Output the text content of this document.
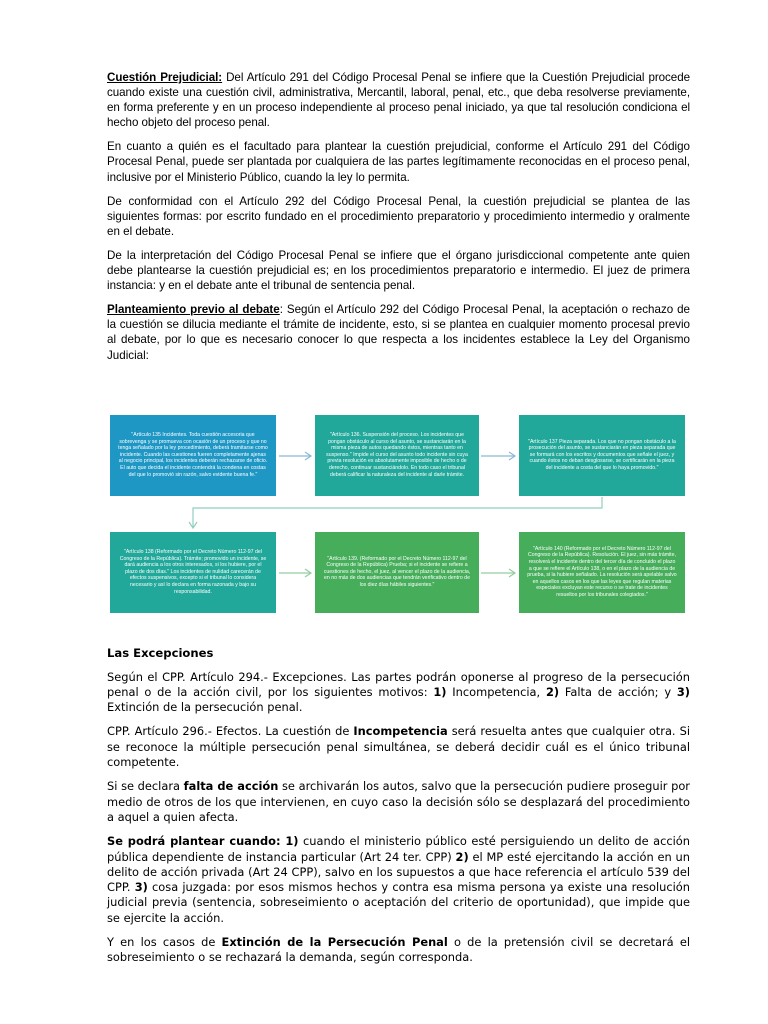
Cuestión Prejudicial: Del Artículo 291 del Código Procesal Penal se infiere que la Cuestión Prejudicial procede cuando existe una cuestión civil, administrativa, Mercantil, laboral, penal, etc., que deba resolverse previamente, en forma preferente y en un proceso independiente al proceso penal iniciado, ya que tal resolución condiciona el hecho objeto del proceso penal.

En cuanto a quién es el facultado para plantear la cuestión prejudicial, conforme el Artículo 291 del Código Procesal Penal, puede ser plantada por cualquiera de las partes legítimamente reconocidas en el proceso penal, inclusive por el Ministerio Público, cuando la ley lo permita.

De conformidad con el Artículo 292 del Código Procesal Penal, la cuestión prejudicial se plantea de las siguientes formas: por escrito fundado en el procedimiento preparatorio y procedimiento intermedio y oralmente en el debate.

De la interpretación del Código Procesal Penal se infiere que el órgano jurisdiccional competente ante quien debe plantearse la cuestión prejudicial es; en los procedimientos preparatorio e intermedio. El juez de primera instancia: y en el debate ante el tribunal de sentencia penal.

Planteamiento previo al debate: Según el Artículo 292 del Código Procesal Penal, la aceptación o rechazo de la cuestión se dilucia mediante el trámite de incidente, esto, si se plantea en cualquier momento procesal previo al debate, por lo que es necesario conocer lo que respecta a los incidentes establece la Ley del Organismo Judicial:

"Artículo 135 Incidentes. Toda cuestión accesoria que sobrevenga y se promueva con ocasión de un proceso y que no tenga señalado por la ley procedimiento, deberá tramitarse como incidente. Cuando las cuestiones fueren completamente ajenas al negocio principal, los incidentes deberán rechazarse de oficio. El auto que decida el incidente contendrá la condena en costas del que lo promovió sin razón, salvo evidente buena fe."
"Artículo 136. Suspensión del proceso. Los incidentes que pongan obstáculo al curso del asunto, se sustanciarán en la misma pieza de autos quedando éstos, mientras tanto en suspenso." Impide el curso del asunto todo incidente sin cuya previa resolución es absolutamente imposible de hecho o de derecho, continuar sustanciándolo. En todo caso el tribunal deberá calificar la naturaleza del incidente al darle trámite.
"Artículo 137 Pieza separada. Los que no pongan obstáculo a la prosecución del asunto, se sustanciarán en pieza separada que se formará con los escritos y documentos que señale el juez, y cuando éstos no deban desglosarse, se certificarán en la pieza del incidente a costa del que lo haya promovido."
"Artículo 138 (Reformado por el Decreto Número 112-97 del Congreso de la República). Trámite; promovido un incidente, se dará audiencia a los otros interesados, si los hubiere, por el plazo de dos días." Los incidentes de nulidad carecerán de efectos suspensivos, excepto si el tribunal lo considera necesario y así lo declara en forma razonada y bajo su responsabilidad.
"Artículo 139. (Reformado por el Decreto Número 112-97 del Congreso de la República) Prueba; si el incidente se refiere a cuestiones de hecho, el juez, al vencer el plazo de la audiencia, en no más de dos audiencias que tendrán verificativo dentro de los diez días hábiles siguientes."
"Artículo 140 (Reformado por el Decreto Número 112-97 del Congreso de la República). Resolución. El juez, sin más trámite, resolverá el incidente dentro del tercer día de concluido el plazo a que se refiere el Artículo 138, o en el plazo de la audiencia de prueba, si la hubiere señalado. La resolución será apelable salvo en aquellos casos en los que las leyes que regulan materias especiales excluyan este recurso o se trate de incidentes resueltos por los tribunales colegiados."
Las Excepciones

Según el CPP. Artículo 294.- Excepciones. Las partes podrán oponerse al progreso de la persecución penal o de la acción civil, por los siguientes motivos: 1) Incompetencia, 2) Falta de acción; y 3) Extinción de la persecución penal.

CPP. Artículo 296.- Efectos. La cuestión de Incompetencia será resuelta antes que cualquier otra. Si se reconoce la múltiple persecución penal simultánea, se deberá decidir cuál es el único tribunal competente.

Si se declara falta de acción se archivarán los autos, salvo que la persecución pudiere proseguir por medio de otros de los que intervienen, en cuyo caso la decisión sólo se desplazará del procedimiento a aquel a quien afecta.

Se podrá plantear cuando: 1) cuando el ministerio público esté persiguiendo un delito de acción pública dependiente de instancia particular (Art 24 ter. CPP) 2) el MP esté ejercitando la acción en un delito de acción privada (Art 24 CPP), salvo en los supuestos a que hace referencia el artículo 539 del CPP. 3) cosa juzgada: por esos mismos hechos y contra esa misma persona ya existe una resolución judicial previa (sentencia, sobreseimiento o aceptación del criterio de oportunidad), que impide que se ejercite la acción.

Y en los casos de Extinción de la Persecución Penal o de la pretensión civil se decretará el sobreseimiento o se rechazará la demanda, según corresponda.
